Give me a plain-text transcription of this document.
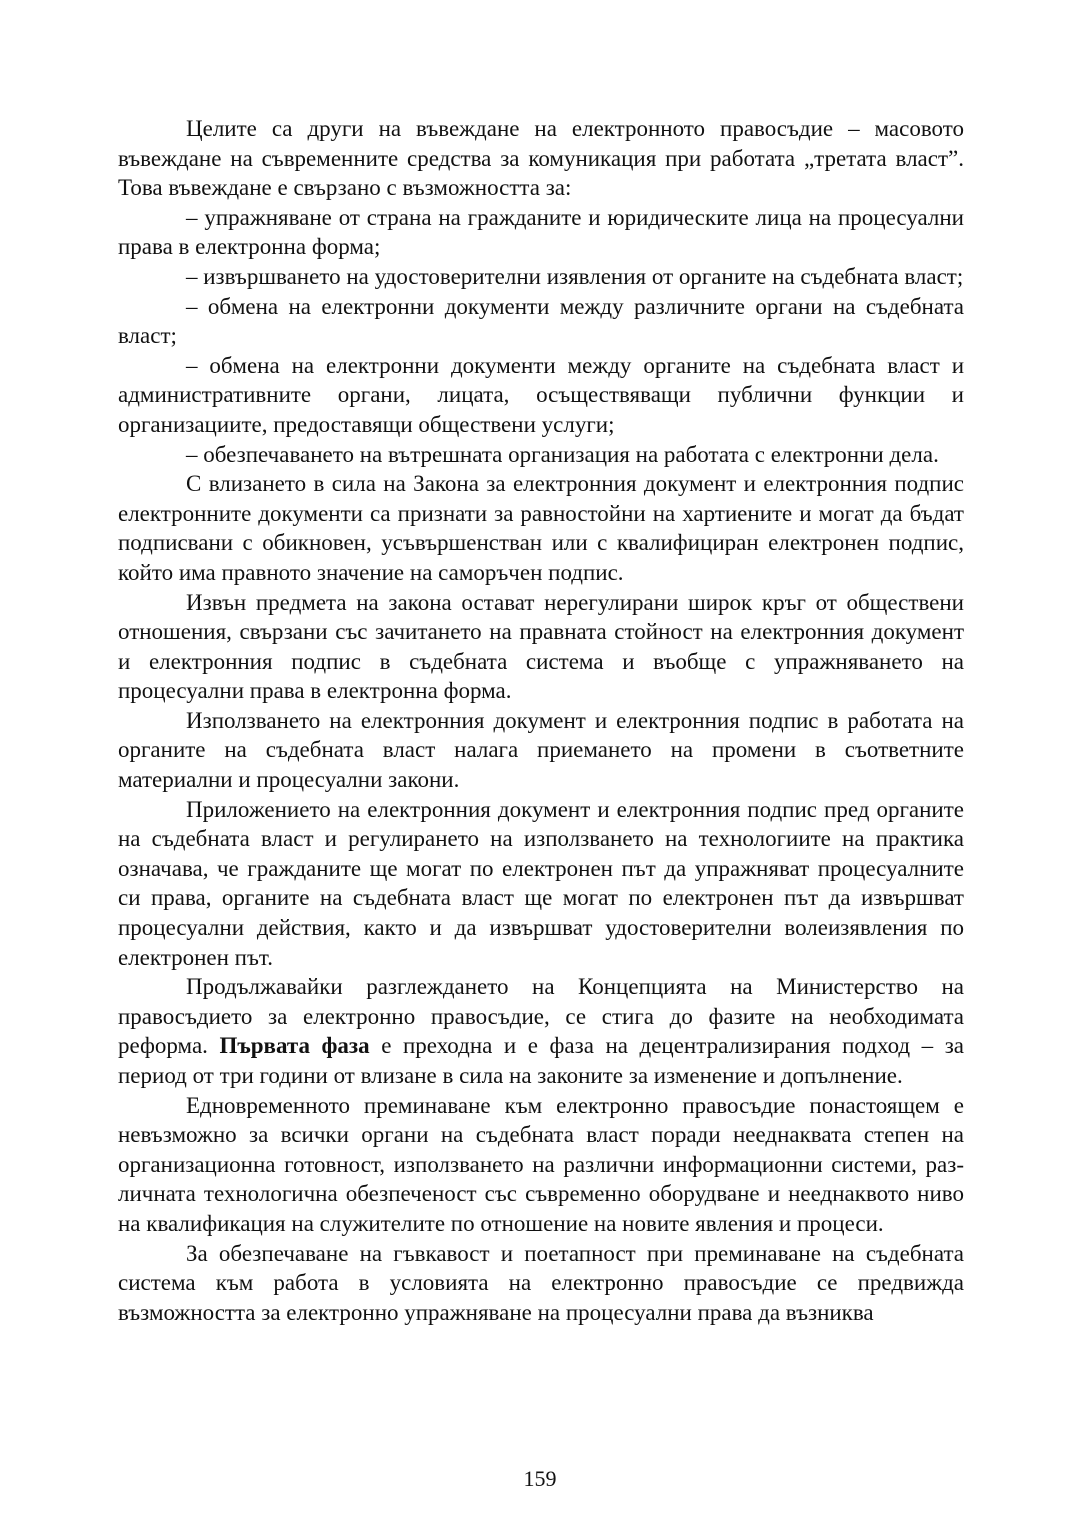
Целите са други на въвеждане на електронното правосъдие – масовото въвеждане на съвременните средства за комуникация при работата „третата власт”. Това въвеждане е свързано с възможността за:

– упражняване от страна на гражданите и юридическите лица на процесуални права в електронна форма;

– извършването на удостоверителни изявления от органите на съдебната власт;

– обмена на електронни документи между различните органи на съдебната власт;

– обмена на електронни документи между органите на съдебната власт и административните органи, лицата, осъществяващи публични функции и организациите, предоставящи обществени услуги;

– обезпечаването на вътрешната организация на работата с електронни дела.

С влизането в сила на Закона за електронния документ и електронния подпис електронните документи са признати за равностойни на хартиените и могат да бъдат подписвани с обикновен, усъвършенстван или с квалифициран електронен подпис, който има правното значение на саморъчен подпис.

Извън предмета на закона остават нерегулирани широк кръг от обществени отношения, свързани със зачитането на правната стойност на електронния документ и електронния подпис в съдебната система и въобще с упражняването на процесуални права в електронна форма.

Използването на електронния документ и електронния подпис в работата на органите на съдебната власт налага приемането на промени в съответните материални и процесуални закони.

Приложението на електронния документ и електронния подпис пред органите на съдебната власт и регулирането на използването на технологиите на практика означава, че гражданите ще могат по електронен път да упражняват процесуалните си права, органите на съдебната власт ще могат по електронен път да извършват процесуални действия, както и да извършват удостоверителни волеизявления по електронен път.

Продължавайки разглеждането на Концепцията на Министерство на правосъдието за електронно правосъдие, се стига до фазите на необходимата реформа. Първата фаза е преходна и е фаза на децентрализирания подход – за период от три години от влизане в сила на законите за изменение и допълнение.

Едновременното преминаване към електронно правосъдие понастоящем е невъзможно за всички органи на съдебната власт поради нееднаквата степен на организационна готовност, използването на различни информационни системи, различната технологична обезпеченост със съвременно оборудване и нееднаквото ниво на квалификация на служителите по отношение на новите явления и процеси.

За обезпечаване на гъвкавост и поетапност при преминаване на съдебната система към работа в условията на електронно правосъдие се предвижда възможността за електронно упражняване на процесуални права да възниква

159
